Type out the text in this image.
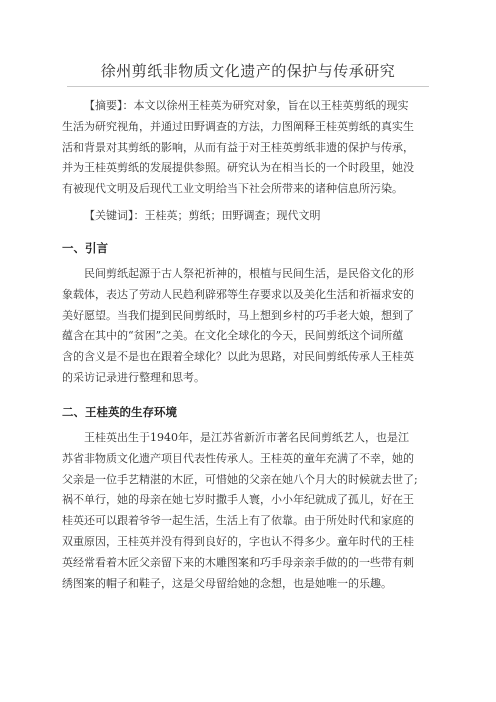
徐州剪纸非物质文化遗产的保护与传承研究
【摘要】：本文以徐州王桂英为研究对象，旨在以王桂英剪纸的现实
生活为研究视角，并通过田野调查的方法，力图阐释王桂英剪纸的真实生
活和背景对其剪纸的影响，从而有益于对王桂英剪纸非遗的保护与传承，
并为王桂英剪纸的发展提供参照。研究认为在相当长的一个时段里，她没
有被现代文明及后现代工业文明给当下社会所带来的诸种信息所污染。
【关键词】：王桂英；剪纸；田野调查；现代文明
一、引言
民间剪纸起源于古人祭祀祈神的，根植与民间生活，是民俗文化的形
象载体，表达了劳动人民趋利辟邪等生存要求以及美化生活和祈福求安的
美好愿望。当我们提到民间剪纸时，马上想到乡村的巧手老大娘，想到了
蕴含在其中的“贫困”之美。在文化全球化的今天，民间剪纸这个词所蕴
含的含义是不是也在跟着全球化？以此为思路，对民间剪纸传承人王桂英
的采访记录进行整理和思考。
二、王桂英的生存环境
王桂英出生于1940年，是江苏省新沂市著名民间剪纸艺人，也是江
苏省非物质文化遗产项目代表性传承人。王桂英的童年充满了不幸，她的
父亲是一位手艺精湛的木匠，可惜她的父亲在她八个月大的时候就去世了;
祸不单行，她的母亲在她七岁时撒手人寰，小小年纪就成了孤儿，好在王
桂英还可以跟着爷爷一起生活，生活上有了依靠。由于所处时代和家庭的
双重原因，王桂英并没有得到良好的，字也认不得多少。童年时代的王桂
英经常看着木匠父亲留下来的木雕图案和巧手母亲亲手做的的一些带有刺
绣图案的帽子和鞋子，这是父母留给她的念想，也是她唯一的乐趣。
